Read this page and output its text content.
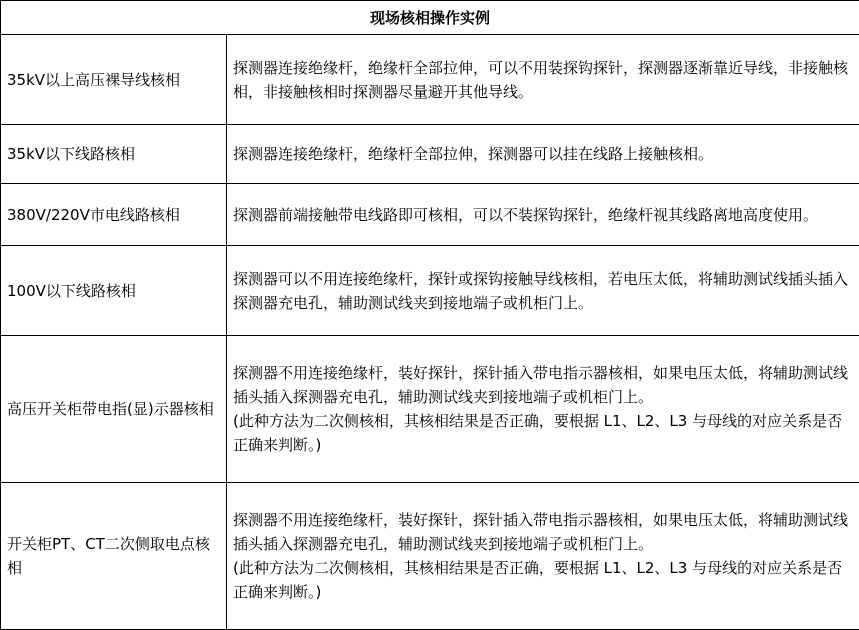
现场核相操作实例	
35kV以上高压裸导线核相	探测器连接绝缘杆，绝缘杆全部拉伸，可以不用装探钩探针，探测器逐渐靠近导线，非接触核相，非接触核相时探测器尽量避开其他导线。
35kV以下线路核相	探测器连接绝缘杆，绝缘杆全部拉伸，探测器可以挂在线路上接触核相。
380V/220V市电线路核相	探测器前端接触带电线路即可核相，可以不装探钩探针，绝缘杆视其线路离地高度使用。
100V以下线路核相	探测器可以不用连接绝缘杆，探针或探钩接触导线核相，若电压太低，将辅助测试线插头插入探测器充电孔，辅助测试线夹到接地端子或机柜门上。
高压开关柜带电指(显)示器核相	探测器不用连接绝缘杆，装好探针，探针插入带电指示器核相，如果电压太低，将辅助测试线插头插入探测器充电孔，辅助测试线夹到接地端子或机柜门上。
(此种方法为二次侧核相，其核相结果是否正确，要根据 L1、L2、L3 与母线的对应关系是否正确来判断。)

开关柜PT、CT二次侧取电点核相	探测器不用连接绝缘杆，装好探针，探针插入带电指示器核相，如果电压太低，将辅助测试线插头插入探测器充电孔，辅助测试线夹到接地端子或机柜门上。
(此种方法为二次侧核相，其核相结果是否正确，要根据 L1、L2、L3 与母线的对应关系是否正确来判断。)
